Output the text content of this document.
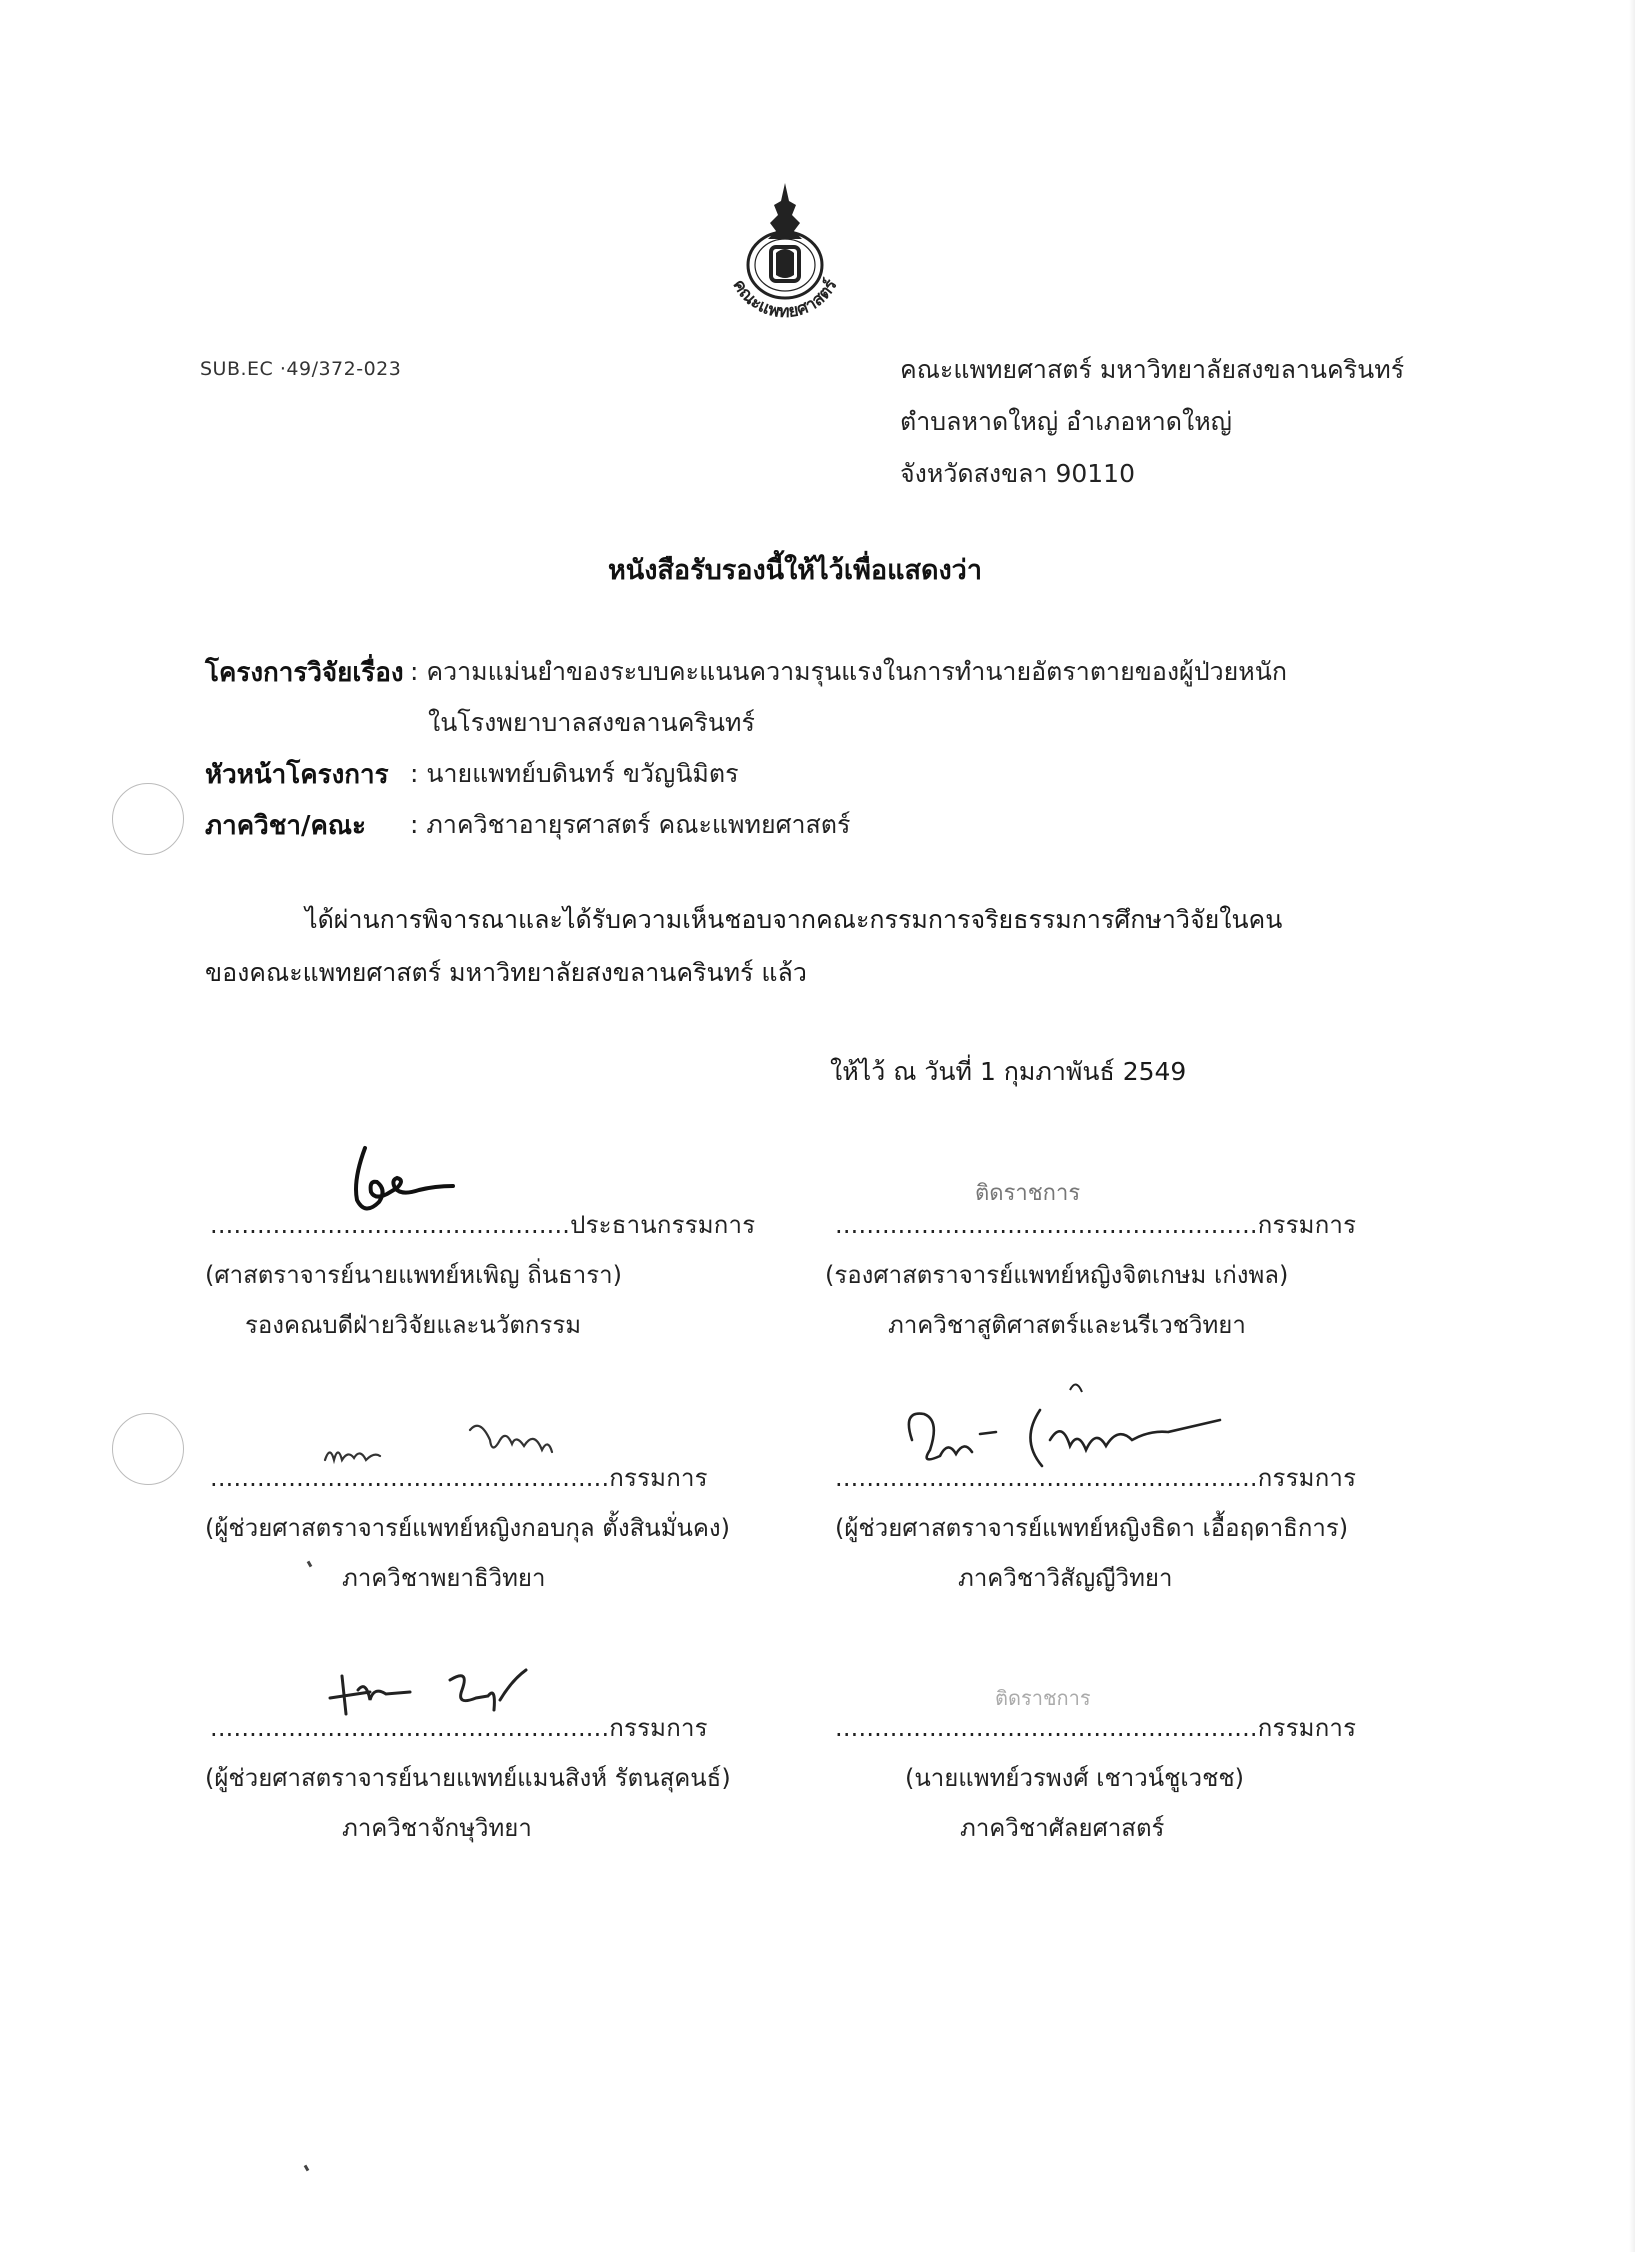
คณะแพทยศาสตร์
SUB.EC ·49/372-023	คณะแพทยศาสตร์ มหาวิทยาลัยสงขลานครินทร์
ตำบลหาดใหญ่ อำเภอหาดใหญ่
จังหวัดสงขลา 90110
หนังสือรับรองนี้ให้ไว้เพื่อแสดงว่า
โครงการวิจัยเรื่อง : ความแม่นยำของระบบคะแนนความรุนแรงในการทำนายอัตราตายของผู้ป่วยหนัก
ในโรงพยาบาลสงขลานครินทร์
หัวหน้าโครงการ : นายแพทย์บดินทร์ ขวัญนิมิตร
ภาควิชา/คณะ : ภาควิชาอายุรศาสตร์ คณะแพทยศาสตร์
ได้ผ่านการพิจารณาและได้รับความเห็นชอบจากคณะกรรมการจริยธรรมการศึกษาวิจัยในคน
ของคณะแพทยศาสตร์ มหาวิทยาลัยสงขลานครินทร์ แล้ว
ให้ไว้ ณ วันที่ 1 กุมภาพันธ์ 2549
..............................................ประธานกรรมการ
(ศาสตราจารย์นายแพทย์หเพิญ ถิ่นธารา)
รองคณบดีฝ่ายวิจัยและนวัตกรรม
ติดราชการ
......................................................กรรมการ
(รองศาสตราจารย์แพทย์หญิงจิตเกษม เก่งพล)
ภาควิชาสูติศาสตร์และนรีเวชวิทยา
...................................................กรรมการ
(ผู้ช่วยศาสตราจารย์แพทย์หญิงกอบกุล ตั้งสินมั่นคง)
ภาควิชาพยาธิวิทยา
......................................................กรรมการ
(ผู้ช่วยศาสตราจารย์แพทย์หญิงธิดา เอื้อฤดาธิการ)
ภาควิชาวิสัญญีวิทยา
...................................................กรรมการ
(ผู้ช่วยศาสตราจารย์นายแพทย์แมนสิงห์ รัตนสุคนธ์)
ภาควิชาจักษุวิทยา
ติดราชการ
......................................................กรรมการ
(นายแพทย์วรพงศ์ เชาวน์ชูเวชช)
ภาควิชาศัลยศาสตร์
